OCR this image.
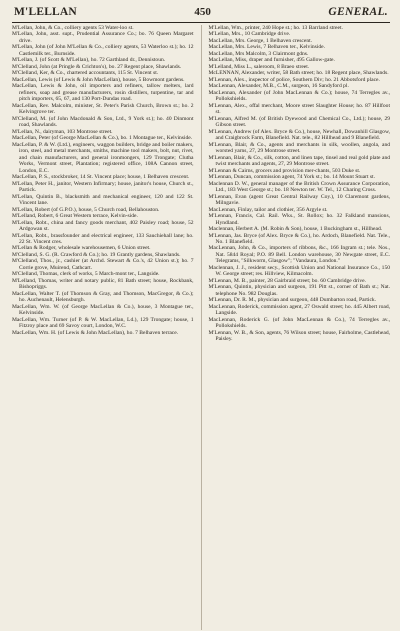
M'LELLAN	450	GENERAL.

M'Lellan, John, & Co., colliery agents 53 Water-loo st.

M'Lellan, John, asst. supt., Prudential Assurance Co.; bo. 76 Queen Margaret drive.

M'Lellan, John (of John M'Lellan & Co., colliery agents, 53 Waterloo st.); ho. 12 Castlemilk ter., Burnside.

M'Lellan, J. (of Scott & M'Lellan), ho. 72 Garthland dr., Dennistoun.

M'Clelland, John (at Pringle & Crichton's), bo. 27 Regent place, Shawlands.

M'Clelland, Ker, & Co., chartered accountants, 115 St. Vincent st.

MacLellan, Lewis (of Lewis & John MacLellan), house, 5 Bowmont gardens.

MacLellan, Lewis & John, oil importers and refiners, tallow melters, lard refiners, soap and grease manufacturers, rosin distillers, turpentine, tar and pitch importers, 65, 67, and 130 Port-Dundas road.

MacLellan, Rev. Malcolm, minister, St. Peter's Parish Church, Brown st.; ho. 2 Kelvingrove ter.

M'Clelland, M. (of John Macdonald & Son, Ltd., 9 York st.); ho. 40 Dinmont road, Shawlands.

M'Lellan, N., dairyman, 103 Montrose street.

MacLellan, Peter (of George MacLellan & Co.), bo. 1 Montague ter., Kelvinside.

MacLellan, P. & W. (Ltd.), engineers, waggon builders, bridge and boiler makers, iron, steel, and metal merchants, smiths, machine tool makers, bolt, nut, rivet, and chain manufacturers, and general ironmongers, 129 Trongate; Clutha Works, Vermont street, Plantation; registered office, 108A Cannon street, London, E.C.

MacLellan, P. S., stockbroker, 14 St. Vincent place; house, 1 Belhaven crescent.

M'Lellan, Peter H., janitor, Western Infirmary; house, janitor's house, Church st., Partick.

M'Lellan, Quintin B., blacksmith and mechanical engineer, 120 and 122 St. Vincent lane.

M'Lellan, Robert (of G.P.O.), house, 5 Church road, Bellahouston.

M'Lelland, Robert, 6 Great Western terrace, Kelvin-side.

M'Lellan, Robt., china and fancy goods merchant, 402 Paisley road; house, 52 Ardgowan st.

M'Lellan, Robt., brassfounder and electrical engineer, 133 Sauchiehall lane; ho. 22 St. Vincent cres.

M'Lellan & Rodger, wholesale warehousemen, 6 Union street.

M'Clelland, S. G. (R. Crawford & Co.); ho. 19 Grantly gardens, Shawlands.

M'Clelland, Thos., jr., cashier (at Archd. Stewart & Co.'s, 42 Union st.); ho. 7 Corrie grove, Muirend, Cathcart.

M'Clelland, Thomas, clerk of works, 5 March-mont ter., Langside.

M'Lelland, Thomas, writer and notary public, 81 Bath street; house, Rockbank, Bishopriggs.

MacLellan, Walter T. (of Thomson & Gray, and Thomson, MacGregor, & Co.); ho. Auchenault, Helensburgh.

MacLellan, Wm. W. (of George MacLellan & Co.), house, 3 Montague ter., Kelvinside.

MacLellan, Wm. Turner (of P. & W. MacLellan, Ld.), 129 Trongate; house, 1 Fitzroy place and 69 Savoy court, London, W.C.

MacLellan, Wm. H. (of Lewis & John MacLellan), ho. 7 Belhaven terrace.

M'Lellan, Wm., printer, 240 Hope st.; ho. 13 Barrland street.

M'Lellan, Mrs., 10 Cambridge drive.

MacLellan, Mrs. George, 1 Belhaven crescent.

MacLellan, Mrs. Lewis, 7 Belhaven ter., Kelvinside.

MacLellan, Mrs Malcolm, 3 Clairmont gdns.

MacLellan, Miss, draper and furnisher, 495 Gallow-gate.

M'Lelland, Miss L., saleroom, 8 Braeo street.

McLENNAN, Alexander, writer, 58 Bath street; ho. 18 Regent place, Shawlands.

M'Lennan, Alex., inspector of police, Southern Div; ho. 21 Abbotsford place.

MacLennan, Alexander, M.B., C.M., surgeon, 16 Sandyford pl.

MacLennan, Alexander (of John MacLennan & Co.); house, 74 Terregles av., Pollokshields.

M'Lennan, Alex., offal merchant, Moore street Slaughter House; ho. 87 Hillfoot st.

M'Lennan, Alfred M. (of British Dyewood and Chemical Co., Ltd.); house, 29 Gibson street.

M'Lennan, Andrew (of Alex. Bryce & Co.), house, Newhall, Dowanhill Glasgow, and Craigbrock Farm, Blanefield. Nat. tele., 82 Hillhead and 9 Blanefield.

M'Lennan, Blair, & Co., agents and merchants in silk, woollen, angola, and worsted yarns, 27, 29 Montrose street.

M'Lennan, Blair, & Co., silk, cotton, and linen tape, tinsel and real gold plate and twist merchants and agents, 27, 29 Montrose street.

M'Lennan & Cairns, grocers and provision mer-chants, 503 Duke st.

M'Lennan, Duncan, commission agent, 74 York st.; bo. 14 Mount Stuart st.

Maclennan D. W., general manager of the British Crown Assurance Corporation, Ltd., 183 West George st.; bo. 18 Newton ter. W. Tel., 12 Charing Cross.

M'Lennan, Evan (agent Great Central Railway Coy.), 10 Claremont gardens, Milngavie.

MacLennan, Finlay, tailor and clothier, 356 Argyle st.

M'Lennan, Francis, Cal. Rail. Wks., St. Rollox; ho. 32 Falkland mansions, Hyndland.

Maclennan, Herbert A. (M. Robin & Son), house, 1 Buckingham st., Hillhead.

M'Lennan, Jas. Bryce (of Alex. Bryce & Co.), ho. Ardoch, Blanefield. Nat. Tele., No. 1 Blanefield.

MacLennan, John, & Co., importers of ribbons, &c., 166 Ingram st.; tele. Nos., Nat. 5844 Royal; P.O. 89 Bell. London warehouse, 30 Newgate street, E.C. Telegrams, "Silkworm, Glasgow"; "Vandaura, London."

Maclennan, J. J., resident secy., Scottish Union and National Insurance Co., 150 W. George street; res. Hillview, Kilmacolm.

M'Lennan, M. B., painter, 28 Gairbraid street; bo. 60 Cambridge drive.

M'Lennan, Quintin, physician and surgeon, 191 Pitt st., corner of Bath st.; Nat. telephone No. 982 Douglas.

M'Lennan, Dr. R. M., physician and surgeon, 448 Dumbarton road, Partick.

MacLennan, Roderick, commission agent, 27 Oswald street; ho. 445 Albert road, Langside.

MacLennan, Roderick G. (of John MacLennan & Co.), 74 Terregles av., Pollokshields.

M'Lennan, W. B., & Son, agents, 76 Wilson street; house, Fairholme, Castlehead, Paisley.
